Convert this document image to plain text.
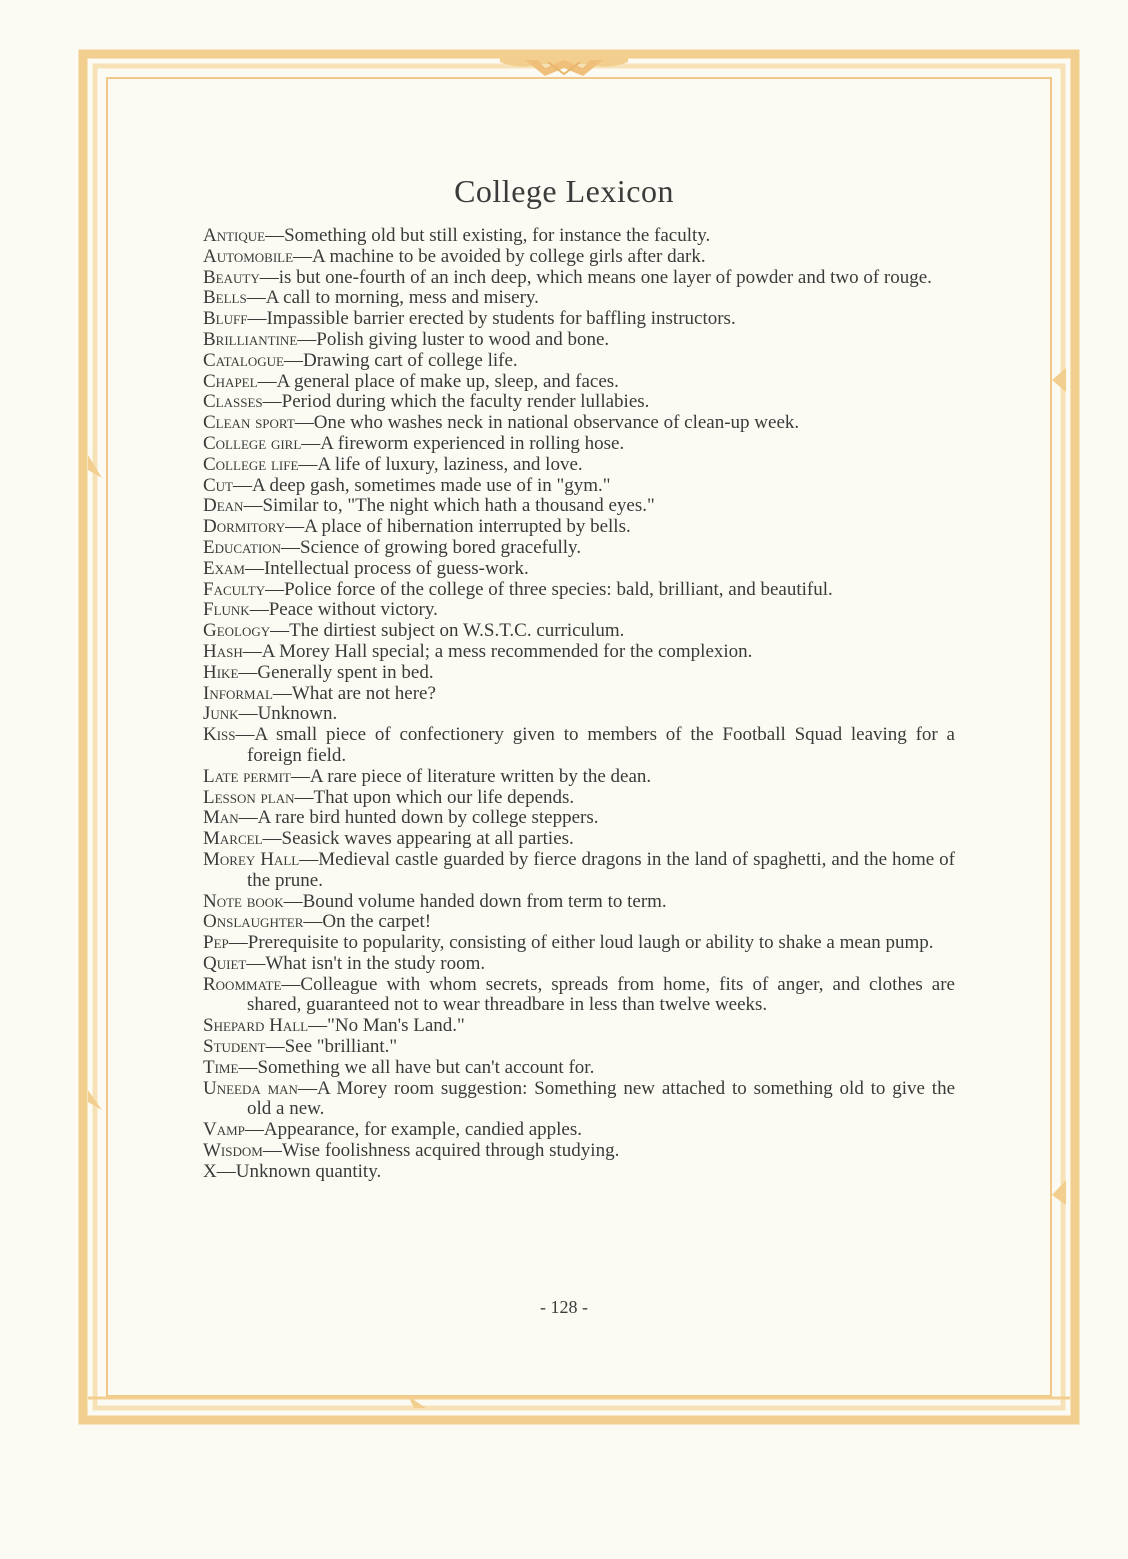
College Lexicon
Antique—Something old but still existing, for instance the faculty.
Automobile—A machine to be avoided by college girls after dark.
Beauty—is but one-fourth of an inch deep, which means one layer of powder and two of rouge.
Bells—A call to morning, mess and misery.
Bluff—Impassible barrier erected by students for baffling instructors.
Brilliantine—Polish giving luster to wood and bone.
Catalogue—Drawing cart of college life.
Chapel—A general place of make up, sleep, and faces.
Classes—Period during which the faculty render lullabies.
Clean sport—One who washes neck in national observance of clean-up week.
College girl—A fireworm experienced in rolling hose.
College life—A life of luxury, laziness, and love.
Cut—A deep gash, sometimes made use of in "gym."
Dean—Similar to, "The night which hath a thousand eyes."
Dormitory—A place of hibernation interrupted by bells.
Education—Science of growing bored gracefully.
Exam—Intellectual process of guess-work.
Faculty—Police force of the college of three species: bald, brilliant, and beautiful.
Flunk—Peace without victory.
Geology—The dirtiest subject on W.S.T.C. curriculum.
Hash—A Morey Hall special; a mess recommended for the complexion.
Hike—Generally spent in bed.
Informal—What are not here?
Junk—Unknown.
Kiss—A small piece of confectionery given to members of the Football Squad leaving for a foreign field.
Late permit—A rare piece of literature written by the dean.
Lesson plan—That upon which our life depends.
Man—A rare bird hunted down by college steppers.
Marcel—Seasick waves appearing at all parties.
Morey Hall—Medieval castle guarded by fierce dragons in the land of spaghetti, and the home of the prune.
Note book—Bound volume handed down from term to term.
Onslaughter—On the carpet!
Pep—Prerequisite to popularity, consisting of either loud laugh or ability to shake a mean pump.
Quiet—What isn't in the study room.
Roommate—Colleague with whom secrets, spreads from home, fits of anger, and clothes are shared, guaranteed not to wear threadbare in less than twelve weeks.
Shepard Hall—"No Man's Land."
Student—See "brilliant."
Time—Something we all have but can't account for.
Uneeda man—A Morey room suggestion: Something new attached to something old to give the old a new.
Vamp—Appearance, for example, candied apples.
Wisdom—Wise foolishness acquired through studying.
X—Unknown quantity.
- 128 -
